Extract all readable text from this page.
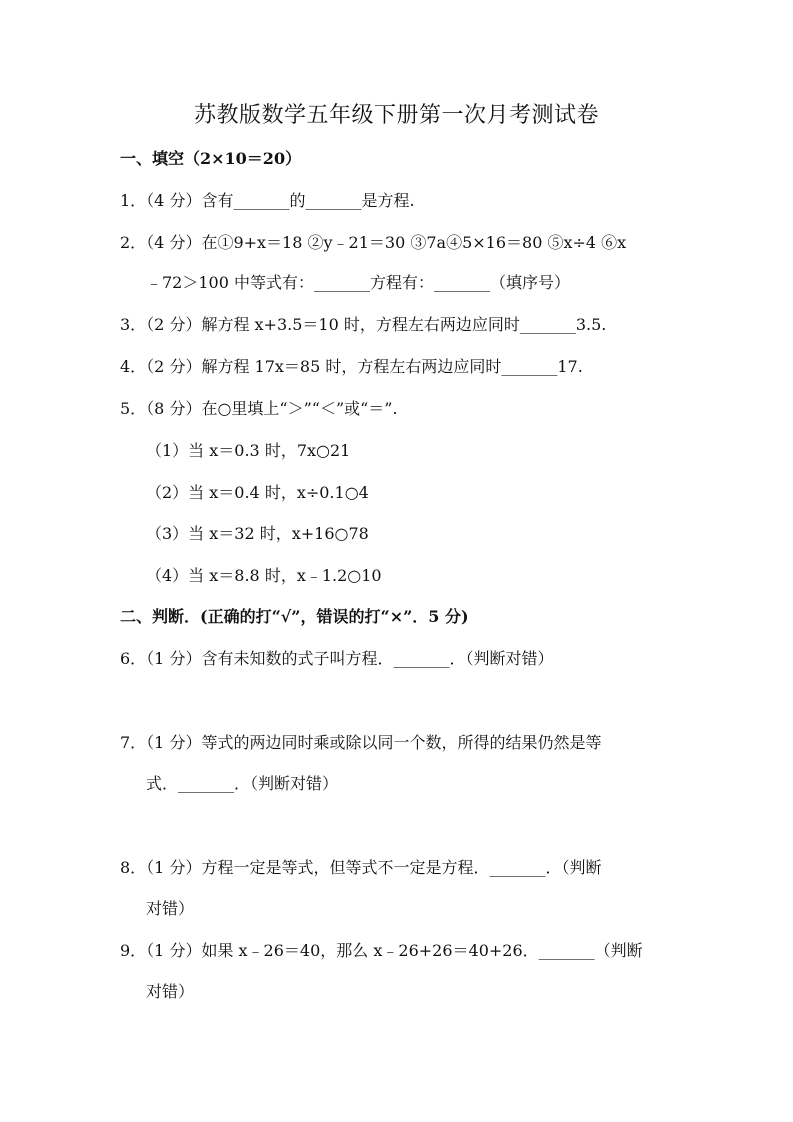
苏教版数学五年级下册第一次月考测试卷
一、填空（2×10＝20）
1．（4 分）含有_______的_______是方程.
2．（4 分）在①9+x＝18 ②y﹣21＝30 ③7a④5×16＝80 ⑤x÷4 ⑥x
﹣72＞100 中等式有：_______方程有：_______（填序号）
3．（2 分）解方程 x+3.5＝10 时，方程左右两边应同时_______3.5.
4．（2 分）解方程 17x＝85 时，方程左右两边应同时_______17.
5．（8 分）在○里填上“＞”“＜”或“＝”.
（1）当 x＝0.3 时，7x○21
（2）当 x＝0.4 时，x÷0.1○4
（3）当 x＝32 时，x+16○78
（4）当 x＝8.8 时，x﹣1.2○10
二、判断．(正确的打“√”，错误的打“×”．5 分)
6．（1 分）含有未知数的式子叫方程．_______．（判断对错）
7．（1 分）等式的两边同时乘或除以同一个数，所得的结果仍然是等
式．_______．（判断对错）
8．（1 分）方程一定是等式，但等式不一定是方程．_______．（判断
对错）
9．（1 分）如果 x﹣26＝40，那么 x﹣26+26＝40+26．_______（判断
对错）
